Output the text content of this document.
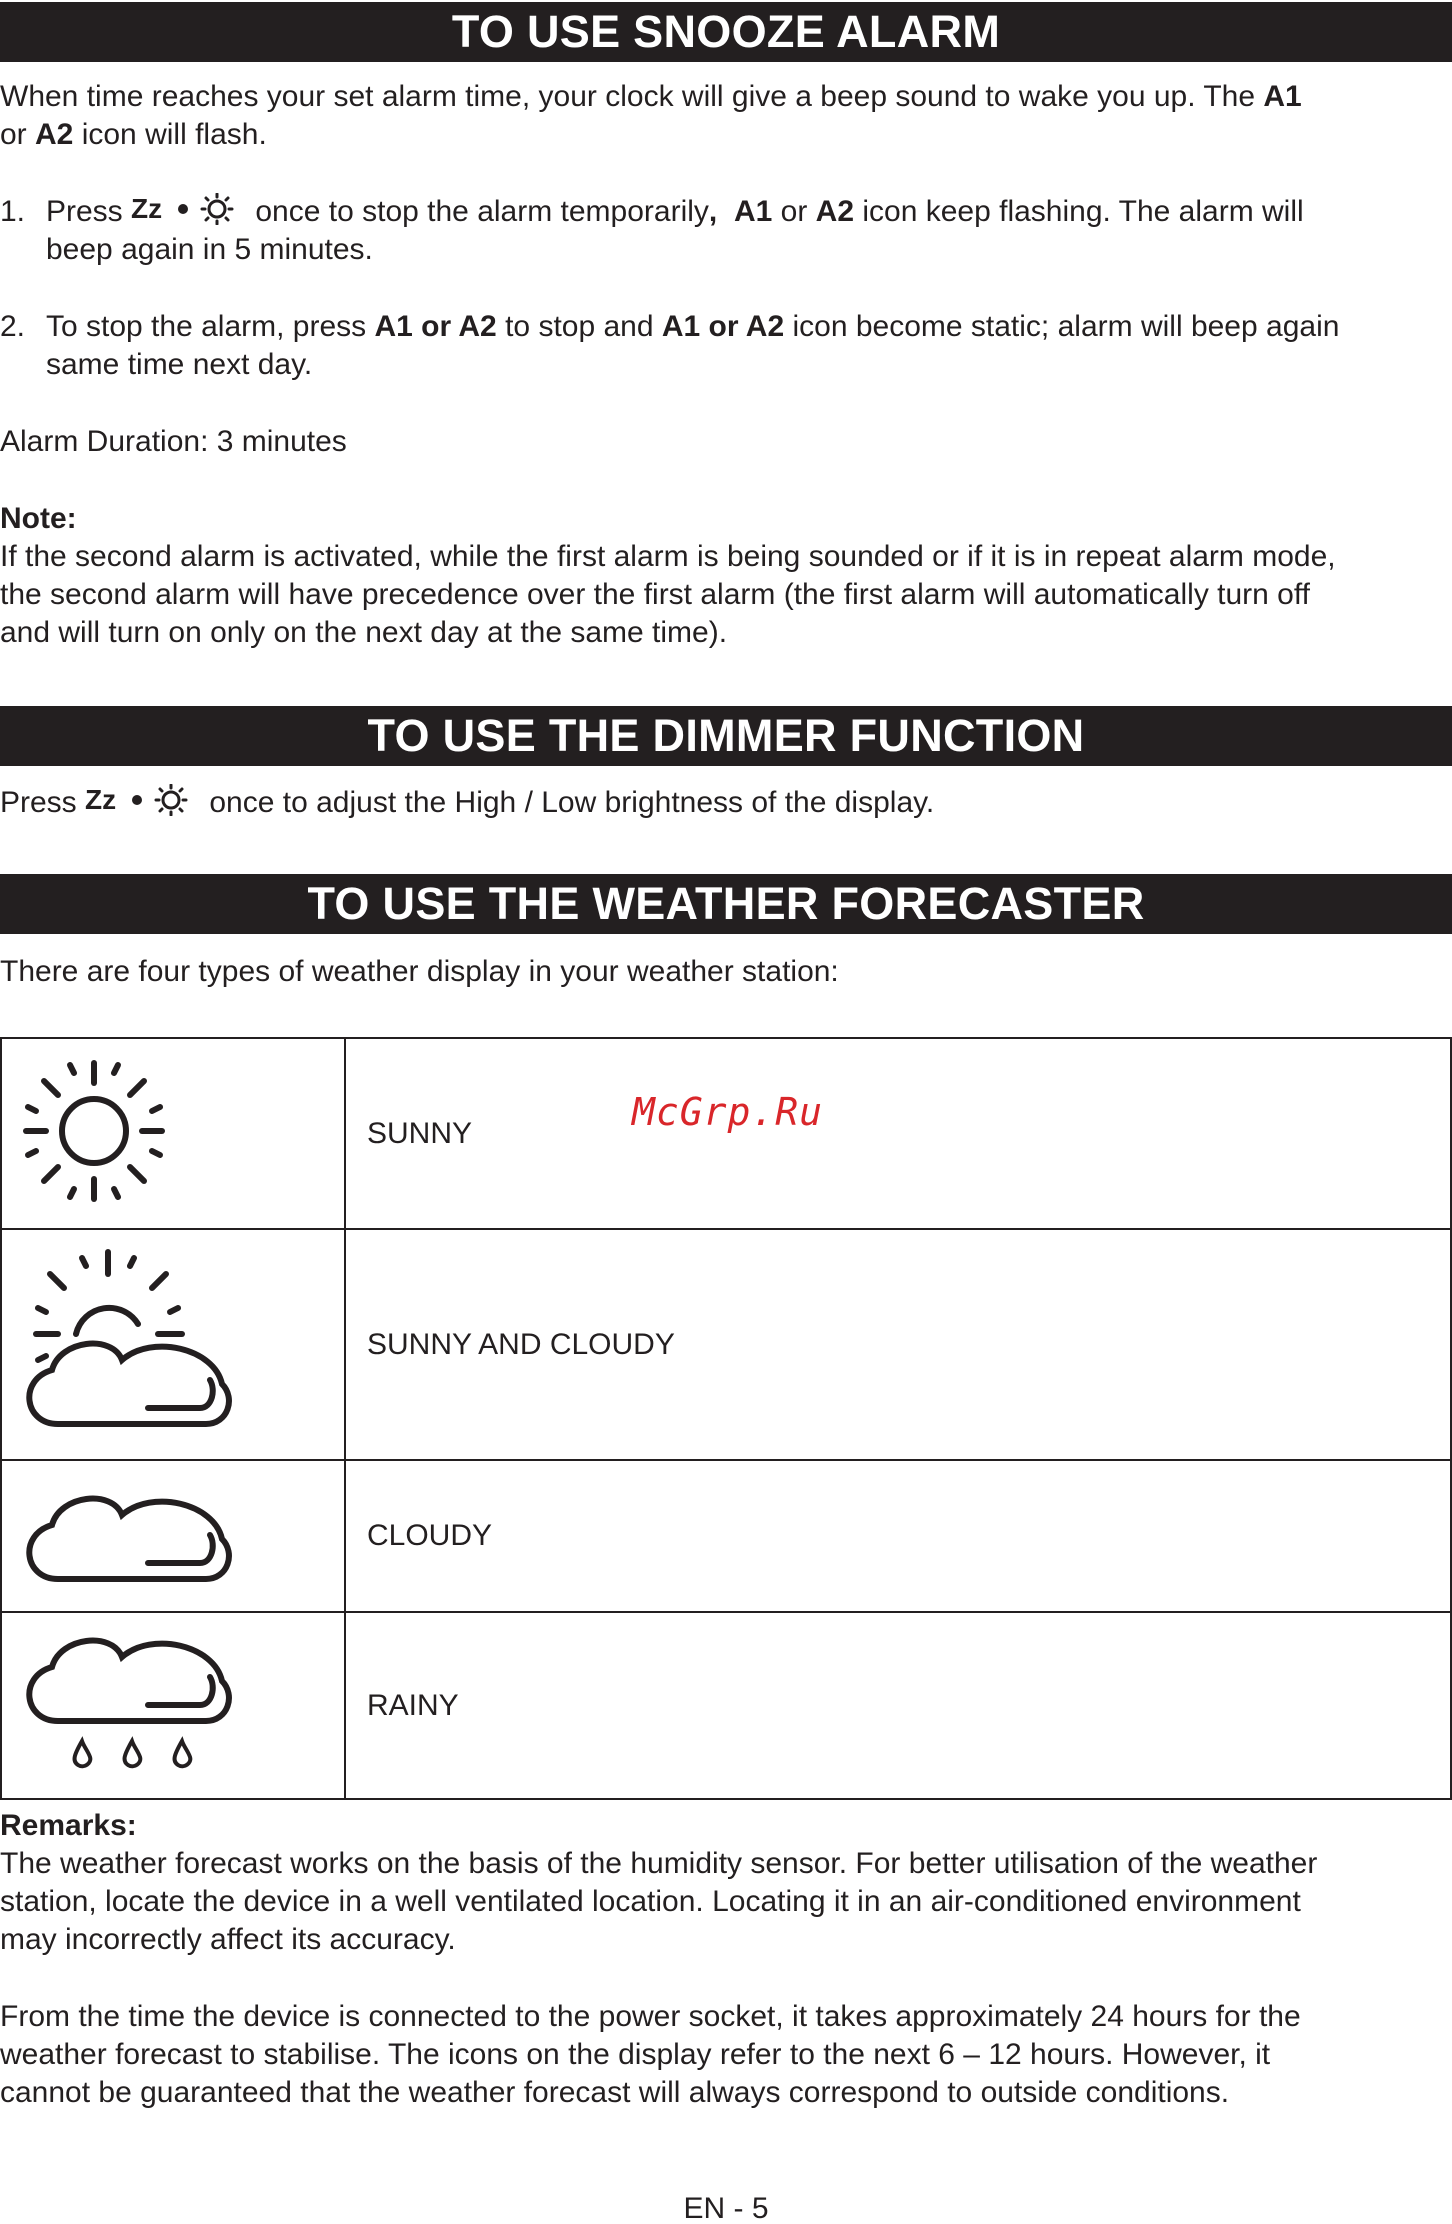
TO USE SNOOZE ALARM
When time reaches your set alarm time, your clock will give a beep sound to wake you up. The A1
or A2 icon will flash.
1. Press Zz	once to stop the alarm temporarily, A1 or A2 icon keep flashing. The alarm will
beep again in 5 minutes.
2. To stop the alarm, press A1 or A2 to stop and A1 or A2 icon become static; alarm will beep again
same time next day.
Alarm Duration: 3 minutes
Note:
If the second alarm is activated, while the first alarm is being sounded or if it is in repeat alarm mode,
the second alarm will have precedence over the first alarm (the first alarm will automatically turn off
and will turn on only on the next day at the same time).
TO USE THE DIMMER FUNCTION
Press Zz	once to adjust the High / Low brightness of the display.
TO USE THE WEATHER FORECASTER
There are four types of weather display in your weather station:
	SUNNY
	SUNNY AND CLOUDY
	CLOUDY
	RAINY
McGrp.Ru
Remarks:
The weather forecast works on the basis of the humidity sensor. For better utilisation of the weather
station, locate the device in a well ventilated location. Locating it in an air-conditioned environment
may incorrectly affect its accuracy.
From the time the device is connected to the power socket, it takes approximately 24 hours for the
weather forecast to stabilise. The icons on the display refer to the next 6 – 12 hours. However, it
cannot be guaranteed that the weather forecast will always correspond to outside conditions.
EN - 5
